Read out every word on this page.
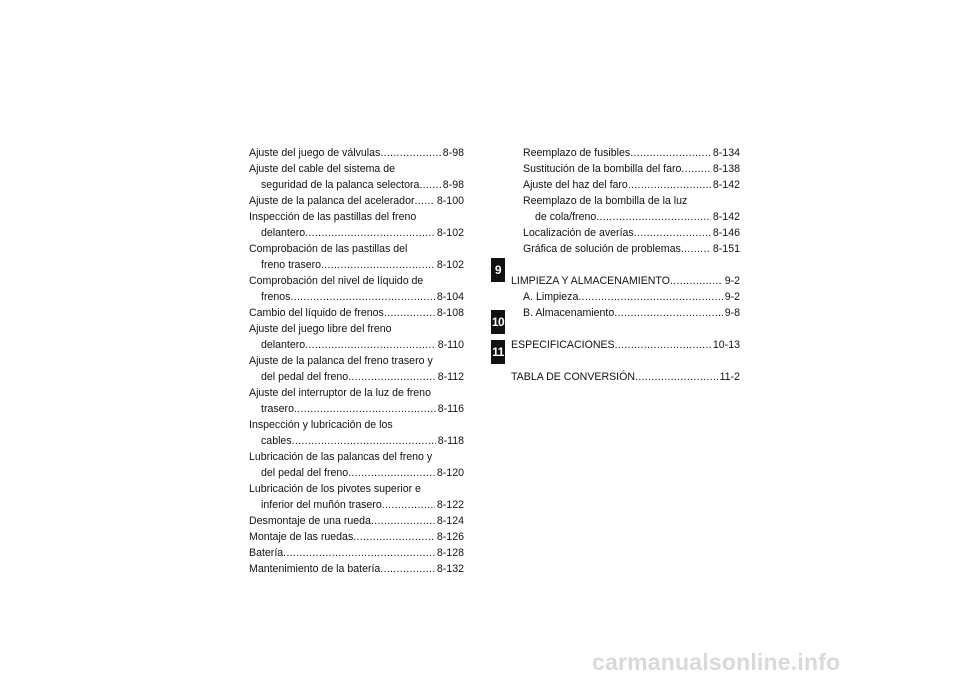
Ajuste del juego de válvulas .....	8-98
Ajuste del cable del sistema de
seguridad de la palanca selectora ..... 8-98
Ajuste de la palanca del acelerador ..... 8-100
Inspección de las pastillas del freno
delantero .....	8-102
Comprobación de las pastillas del
freno trasero .....	8-102
Comprobación del nivel de líquido de
frenos .....	8-104
Cambio del líquido de frenos .....	8-108
Ajuste del juego libre del freno
delantero .....	8-110
Ajuste de la palanca del freno trasero y
del pedal del freno .....	8-112
Ajuste del interruptor de la luz de freno
trasero .....	8-116
Inspección y lubricación de los
cables .....	8-118
Lubricación de las palancas del freno y
del pedal del freno .....	8-120
Lubricación de los pivotes superior e
inferior del muñón trasero .....	8-122
Desmontaje de una rueda .....	8-124
Montaje de las ruedas .....	8-126
Batería .....	8-128
Mantenimiento de la batería .....	8-132
Reemplazo de fusibles .....	8-134
Sustitución de la bombilla del faro .....	8-138
Ajuste del haz del faro .....	8-142
Reemplazo de la bombilla de la luz
de cola/freno .....	8-142
Localización de averías .....	8-146
Gráfica de solución de problemas .....	8-151
LIMPIEZA Y ALMACENAMIENTO .....	9-2
A. Limpieza .....	9-2
B. Almacenamiento .....	9-8
ESPECIFICACIONES .....	10-13
TABLA DE CONVERSIÓN .....	11-2
9
10
11
carmanualsonline.info
